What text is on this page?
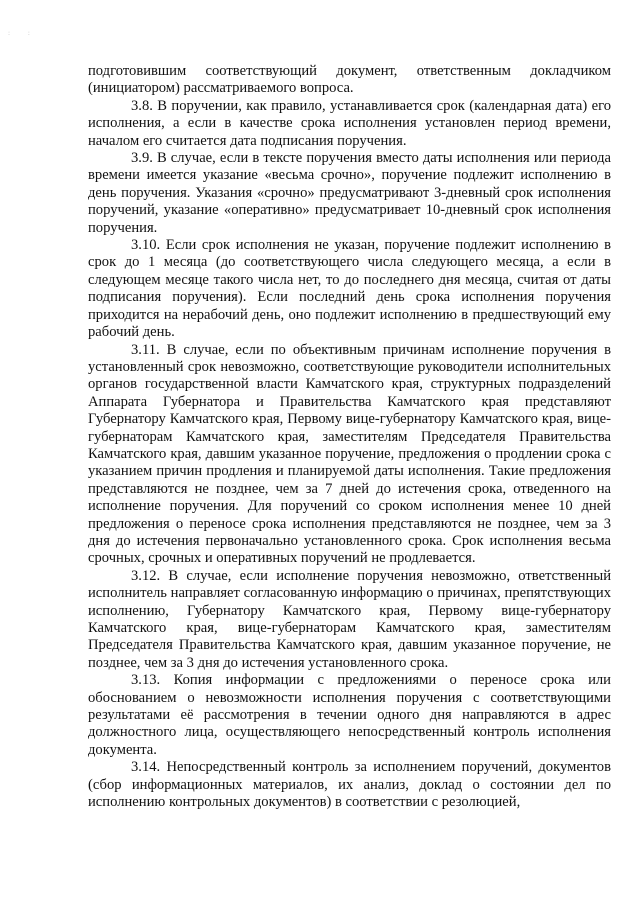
: :

подготовившим соответствующий документ, ответственным докладчиком (инициатором) рассматриваемого вопроса.

3.8. В поручении, как правило, устанавливается срок (календарная дата) его исполнения, а если в качестве срока исполнения установлен период времени, началом его считается дата подписания поручения.

3.9. В случае, если в тексте поручения вместо даты исполнения или периода времени имеется указание «весьма срочно», поручение подлежит исполнению в день поручения. Указания «срочно» предусматривают 3-дневный срок исполнения поручений, указание «оперативно» предусматривает 10-дневный срок исполнения поручения.

3.10. Если срок исполнения не указан, поручение подлежит исполнению в срок до 1 месяца (до соответствующего числа следующего месяца, а если в следующем месяце такого числа нет, то до последнего дня месяца, считая от даты подписания поручения). Если последний день срока исполнения поручения приходится на нерабочий день, оно подлежит исполнению в предшествующий ему рабочий день.

3.11. В случае, если по объективным причинам исполнение поручения в установленный срок невозможно, соответствующие руководители исполнительных органов государственной власти Камчатского края, структурных подразделений Аппарата Губернатора и Правительства Камчатского края представляют Губернатору Камчатского края, Первому вице-губернатору Камчатского края, вице-губернаторам Камчатского края, заместителям Председателя Правительства Камчатского края, давшим указанное поручение, предложения о продлении срока с указанием причин продления и планируемой даты исполнения. Такие предложения представляются не позднее, чем за 7 дней до истечения срока, отведенного на исполнение поручения. Для поручений со сроком исполнения менее 10 дней предложения о переносе срока исполнения представляются не позднее, чем за 3 дня до истечения первоначально установленного срока. Срок исполнения весьма срочных, срочных и оперативных поручений не продлевается.

3.12. В случае, если исполнение поручения невозможно, ответственный исполнитель направляет согласованную информацию о причинах, препятствующих исполнению, Губернатору Камчатского края, Первому вице-губернатору Камчатского края, вице-губернаторам Камчатского края, заместителям Председателя Правительства Камчатского края, давшим указанное поручение, не позднее, чем за 3 дня до истечения установленного срока.

3.13. Копия информации с предложениями о переносе срока или обоснованием о невозможности исполнения поручения с соответствующими результатами её рассмотрения в течении одного дня направляются в адрес должностного лица, осуществляющего непосредственный контроль исполнения документа.

3.14. Непосредственный контроль за исполнением поручений, документов (сбор информационных материалов, их анализ, доклад о состоянии дел по исполнению контрольных документов) в соответствии с резолюцией,
